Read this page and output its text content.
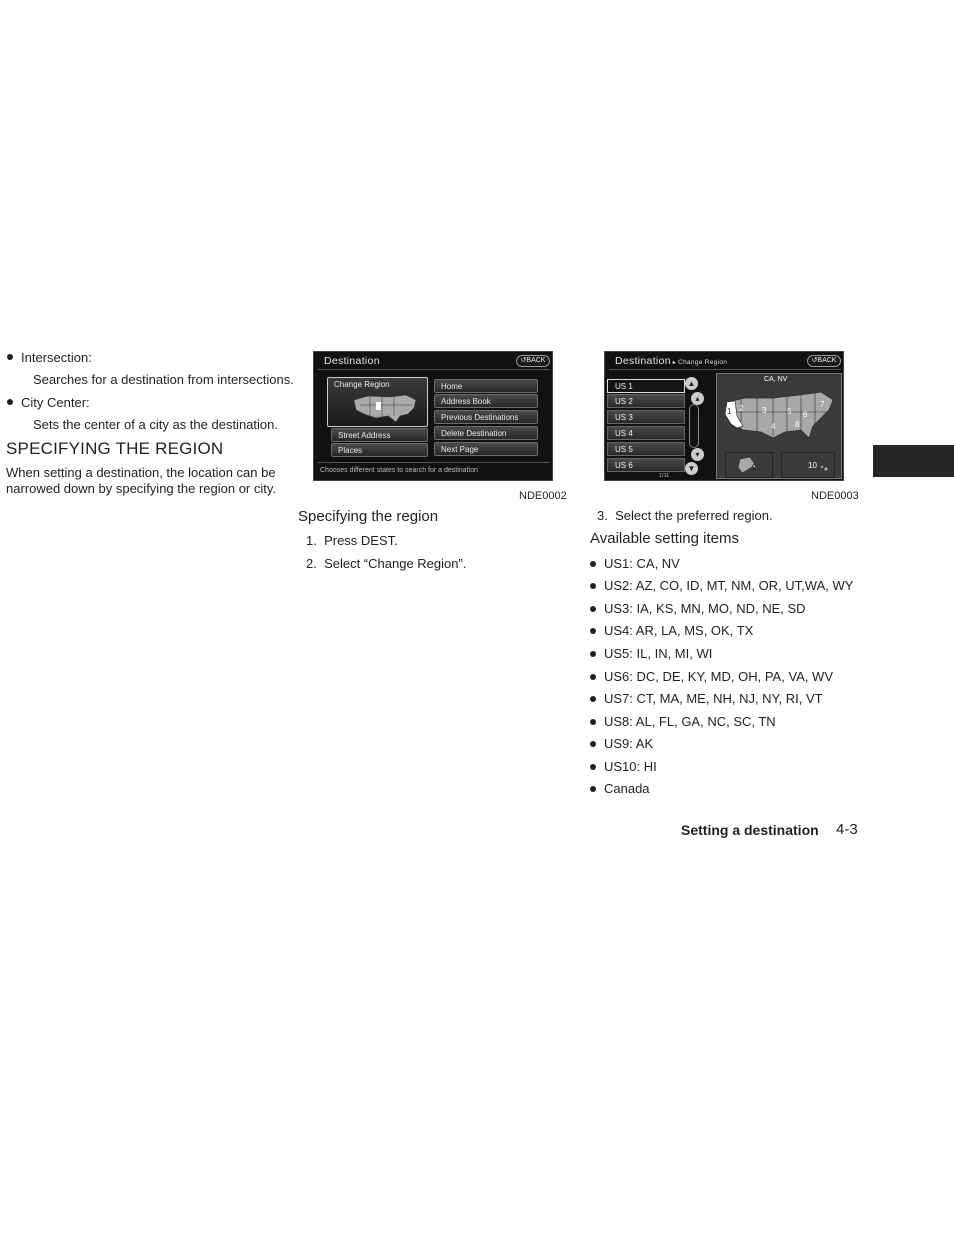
Intersection:
Searches for a destination from intersections.
City Center:
Sets the center of a city as the destination.
SPECIFYING THE REGION
When setting a destination, the location can be
narrowed down by specifying the region or city.
Destination	↺BACK
Change Region
Street Address
Places
Home
Address Book
Previous Destinations
Delete Destination
Next Page
Chooses different states to search for a destination
NDE0002
Destination ▸ Change Region	↺BACK
US 1
US 2
US 3
US 4
US 5
US 6
1/11
▲
▴
▾
▼
CA, NV
1 2 3
4
5 6
7
8
9	10
NDE0003
Specifying the region
1.  Press DEST.
2.  Select “Change Region”.
3.  Select the preferred region.
Available setting items
US1: CA, NV
US2: AZ, CO, ID, MT, NM, OR, UT,WA, WY
US3: IA, KS, MN, MO, ND, NE, SD
US4: AR, LA, MS, OK, TX
US5: IL, IN, MI, WI
US6: DC, DE, KY, MD, OH, PA, VA, WV
US7: CT, MA, ME, NH, NJ, NY, RI, VT
US8: AL, FL, GA, NC, SC, TN
US9: AK
US10: HI
Canada
Setting a destination 4-3
